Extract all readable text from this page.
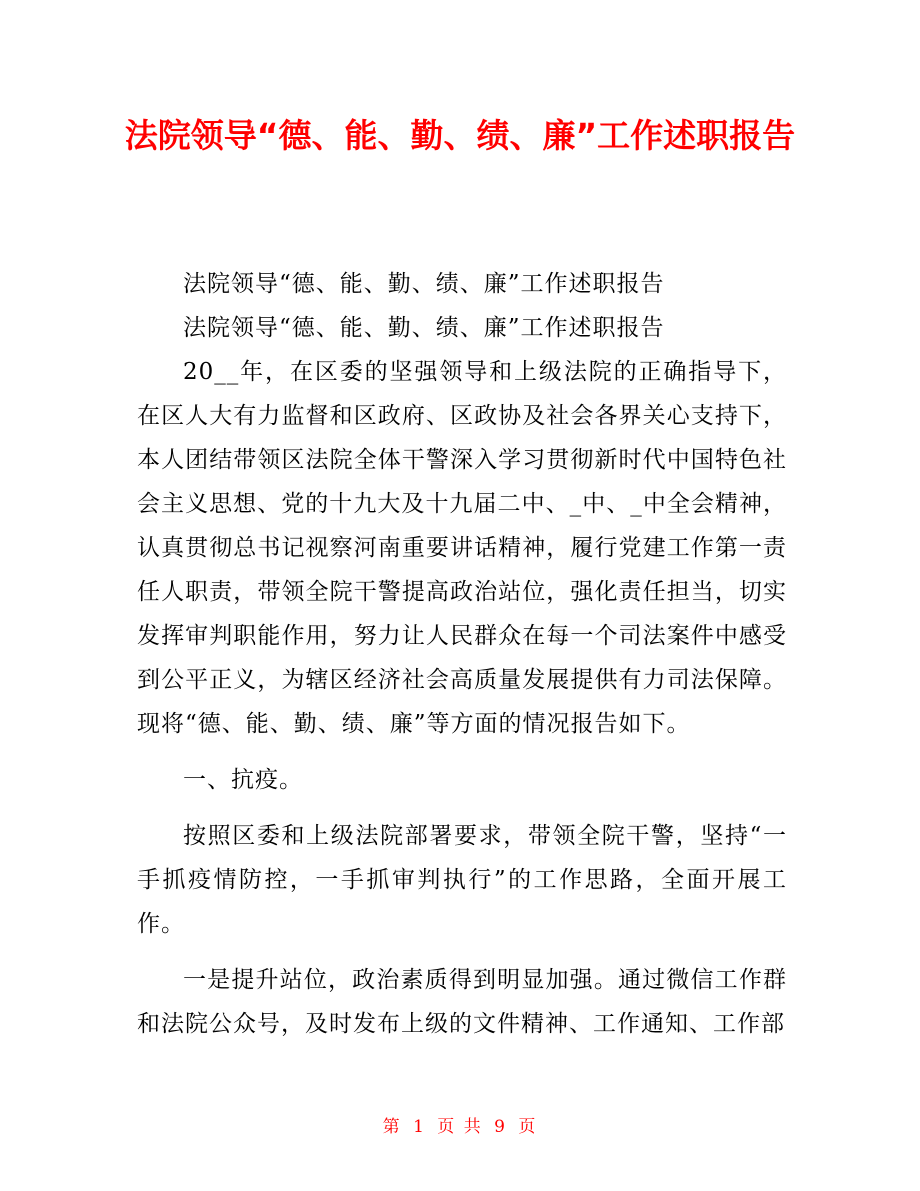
法院领导“德、能、勤、绩、廉”工作述职报告

法院领导“德、能、勤、绩、廉”工作述职报告

法院领导“德、能、勤、绩、廉”工作述职报告

20__年，在区委的坚强领导和上级法院的正确指导下，在区人大有力监督和区政府、区政协及社会各界关心支持下，本人团结带领区法院全体干警深入学习贯彻新时代中国特色社会主义思想、党的十九大及十九届二中、_中、_中全会精神，认真贯彻总书记视察河南重要讲话精神，履行党建工作第一责任人职责，带领全院干警提高政治站位，强化责任担当，切实发挥审判职能作用，努力让人民群众在每一个司法案件中感受到公平正义，为辖区经济社会高质量发展提供有力司法保障。现将“德、能、勤、绩、廉”等方面的情况报告如下。

一、抗疫。

按照区委和上级法院部署要求，带领全院干警，坚持“一手抓疫情防控，一手抓审判执行”的工作思路，全面开展工作。

一是提升站位，政治素质得到明显加强。通过微信工作群和法院公众号，及时发布上级的文件精神、工作通知、工作部

第 1 页 共 9 页
